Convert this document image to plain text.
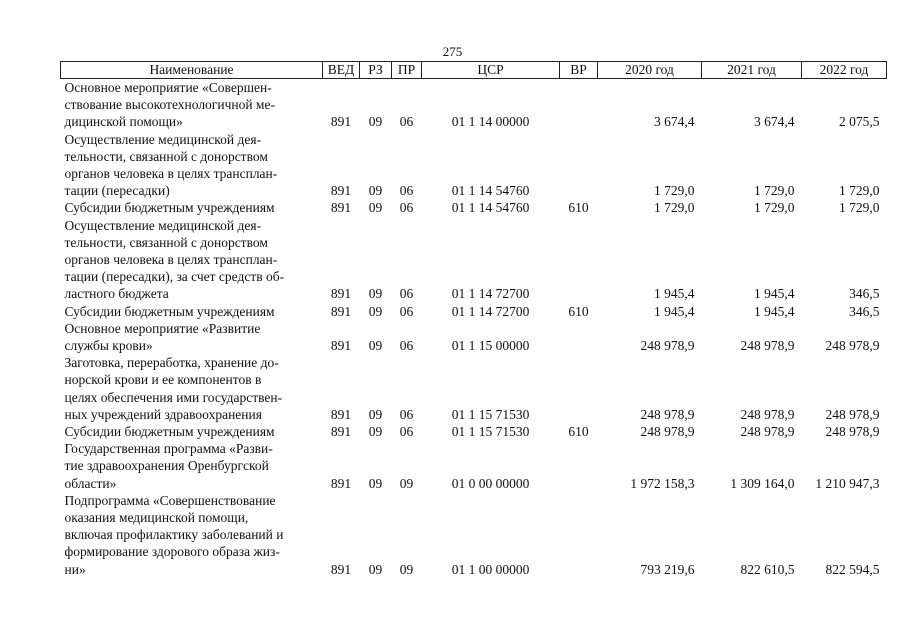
275
Наименование	ВЕД	РЗ	ПР	ЦСР	ВР	2020 год	2021 год	2022 год
Основное мероприятие «Совершен-
ствование высокотехнологичной ме-
дицинской помощи»	891	09	06	01 1 14 00000		3 674,4	3 674,4	2 075,5
Осуществление медицинской дея-
тельности, связанной с донорством
органов человека в целях трансплан-
тации (пересадки)	891	09	06	01 1 14 54760		1 729,0	1 729,0	1 729,0
Субсидии бюджетным учреждениям	891	09	06	01 1 14 54760	610	1 729,0	1 729,0	1 729,0
Осуществление медицинской дея-
тельности, связанной с донорством
органов человека в целях трансплан-
тации (пересадки), за счет средств об-
ластного бюджета	891	09	06	01 1 14 72700		1 945,4	1 945,4	346,5
Субсидии бюджетным учреждениям	891	09	06	01 1 14 72700	610	1 945,4	1 945,4	346,5
Основное мероприятие «Развитие
службы крови»	891	09	06	01 1 15 00000		248 978,9	248 978,9	248 978,9
Заготовка, переработка, хранение до-
норской крови и ее компонентов в
целях обеспечения ими государствен-
ных учреждений здравоохранения	891	09	06	01 1 15 71530		248 978,9	248 978,9	248 978,9
Субсидии бюджетным учреждениям	891	09	06	01 1 15 71530	610	248 978,9	248 978,9	248 978,9
Государственная программа «Разви-
тие здравоохранения Оренбургской
области»	891	09	09	01 0 00 00000		1 972 158,3	1 309 164,0	1 210 947,3
Подпрограмма «Совершенствование
оказания медицинской помощи,
включая профилактику заболеваний и
формирование здорового образа жиз-
ни»	891	09	09	01 1 00 00000		793 219,6	822 610,5	822 594,5
